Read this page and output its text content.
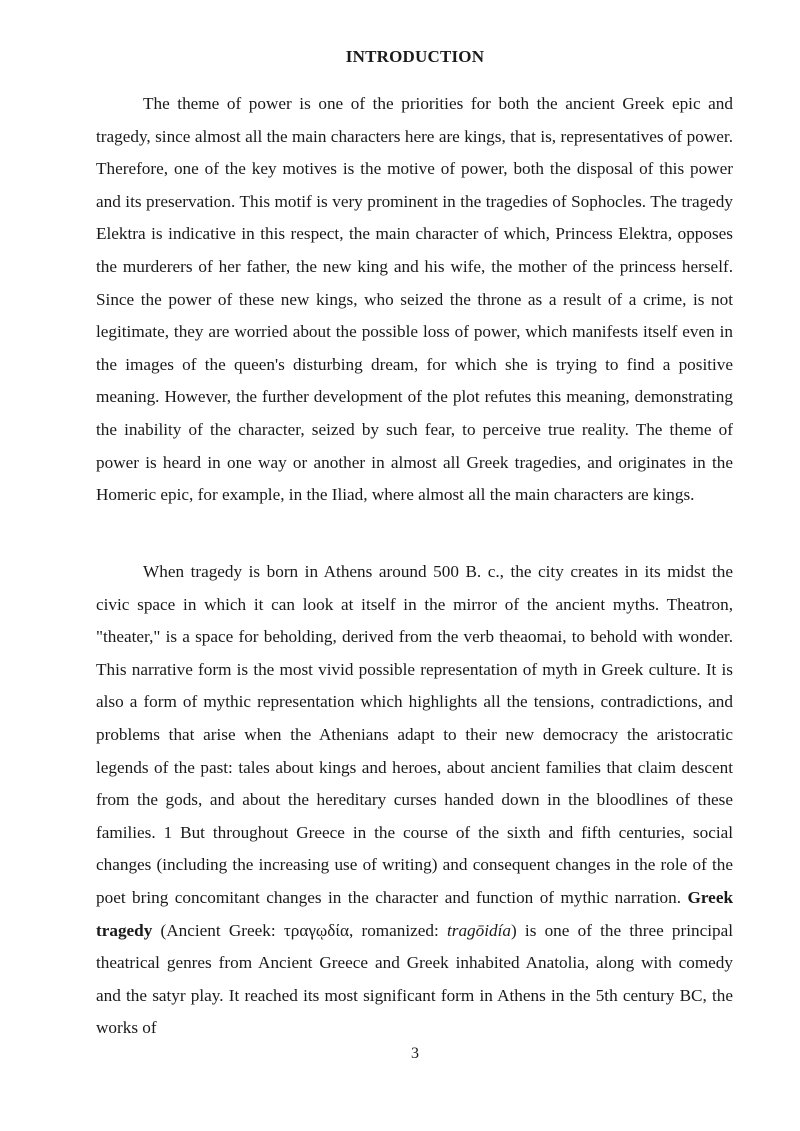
INTRODUCTION

The theme of power is one of the priorities for both the ancient Greek epic and tragedy, since almost all the main characters here are kings, that is, representatives of power. Therefore, one of the key motives is the motive of power, both the disposal of this power and its preservation. This motif is very prominent in the tragedies of Sophocles. The tragedy Elektra is indicative in this respect, the main character of which, Princess Elektra, opposes the murderers of her father, the new king and his wife, the mother of the princess herself. Since the power of these new kings, who seized the throne as a result of a crime, is not legitimate, they are worried about the possible loss of power, which manifests itself even in the images of the queen's disturbing dream, for which she is trying to find a positive meaning. However, the further development of the plot refutes this meaning, demonstrating the inability of the character, seized by such fear, to perceive true reality. The theme of power is heard in one way or another in almost all Greek tragedies, and originates in the Homeric epic, for example, in the Iliad, where almost all the main characters are kings.

When tragedy is born in Athens around 500 B. c., the city creates in its midst the civic space in which it can look at itself in the mirror of the ancient myths. Theatron, "theater," is a space for beholding, derived from the verb theaomai, to behold with wonder. This narrative form is the most vivid possible representation of myth in Greek culture. It is also a form of mythic representation which highlights all the tensions, contradictions, and problems that arise when the Athenians adapt to their new democracy the aristocratic legends of the past: tales about kings and heroes, about ancient families that claim descent from the gods, and about the hereditary curses handed down in the bloodlines of these families. 1 But throughout Greece in the course of the sixth and fifth centuries, social changes (including the increasing use of writing) and consequent changes in the role of the poet bring concomitant changes in the character and function of mythic narration. Greek tragedy (Ancient Greek: τραγῳδία, romanized: tragōidía) is one of the three principal theatrical genres from Ancient Greece and Greek inhabited Anatolia, along with comedy and the satyr play. It reached its most significant form in Athens in the 5th century BC, the works of

3
